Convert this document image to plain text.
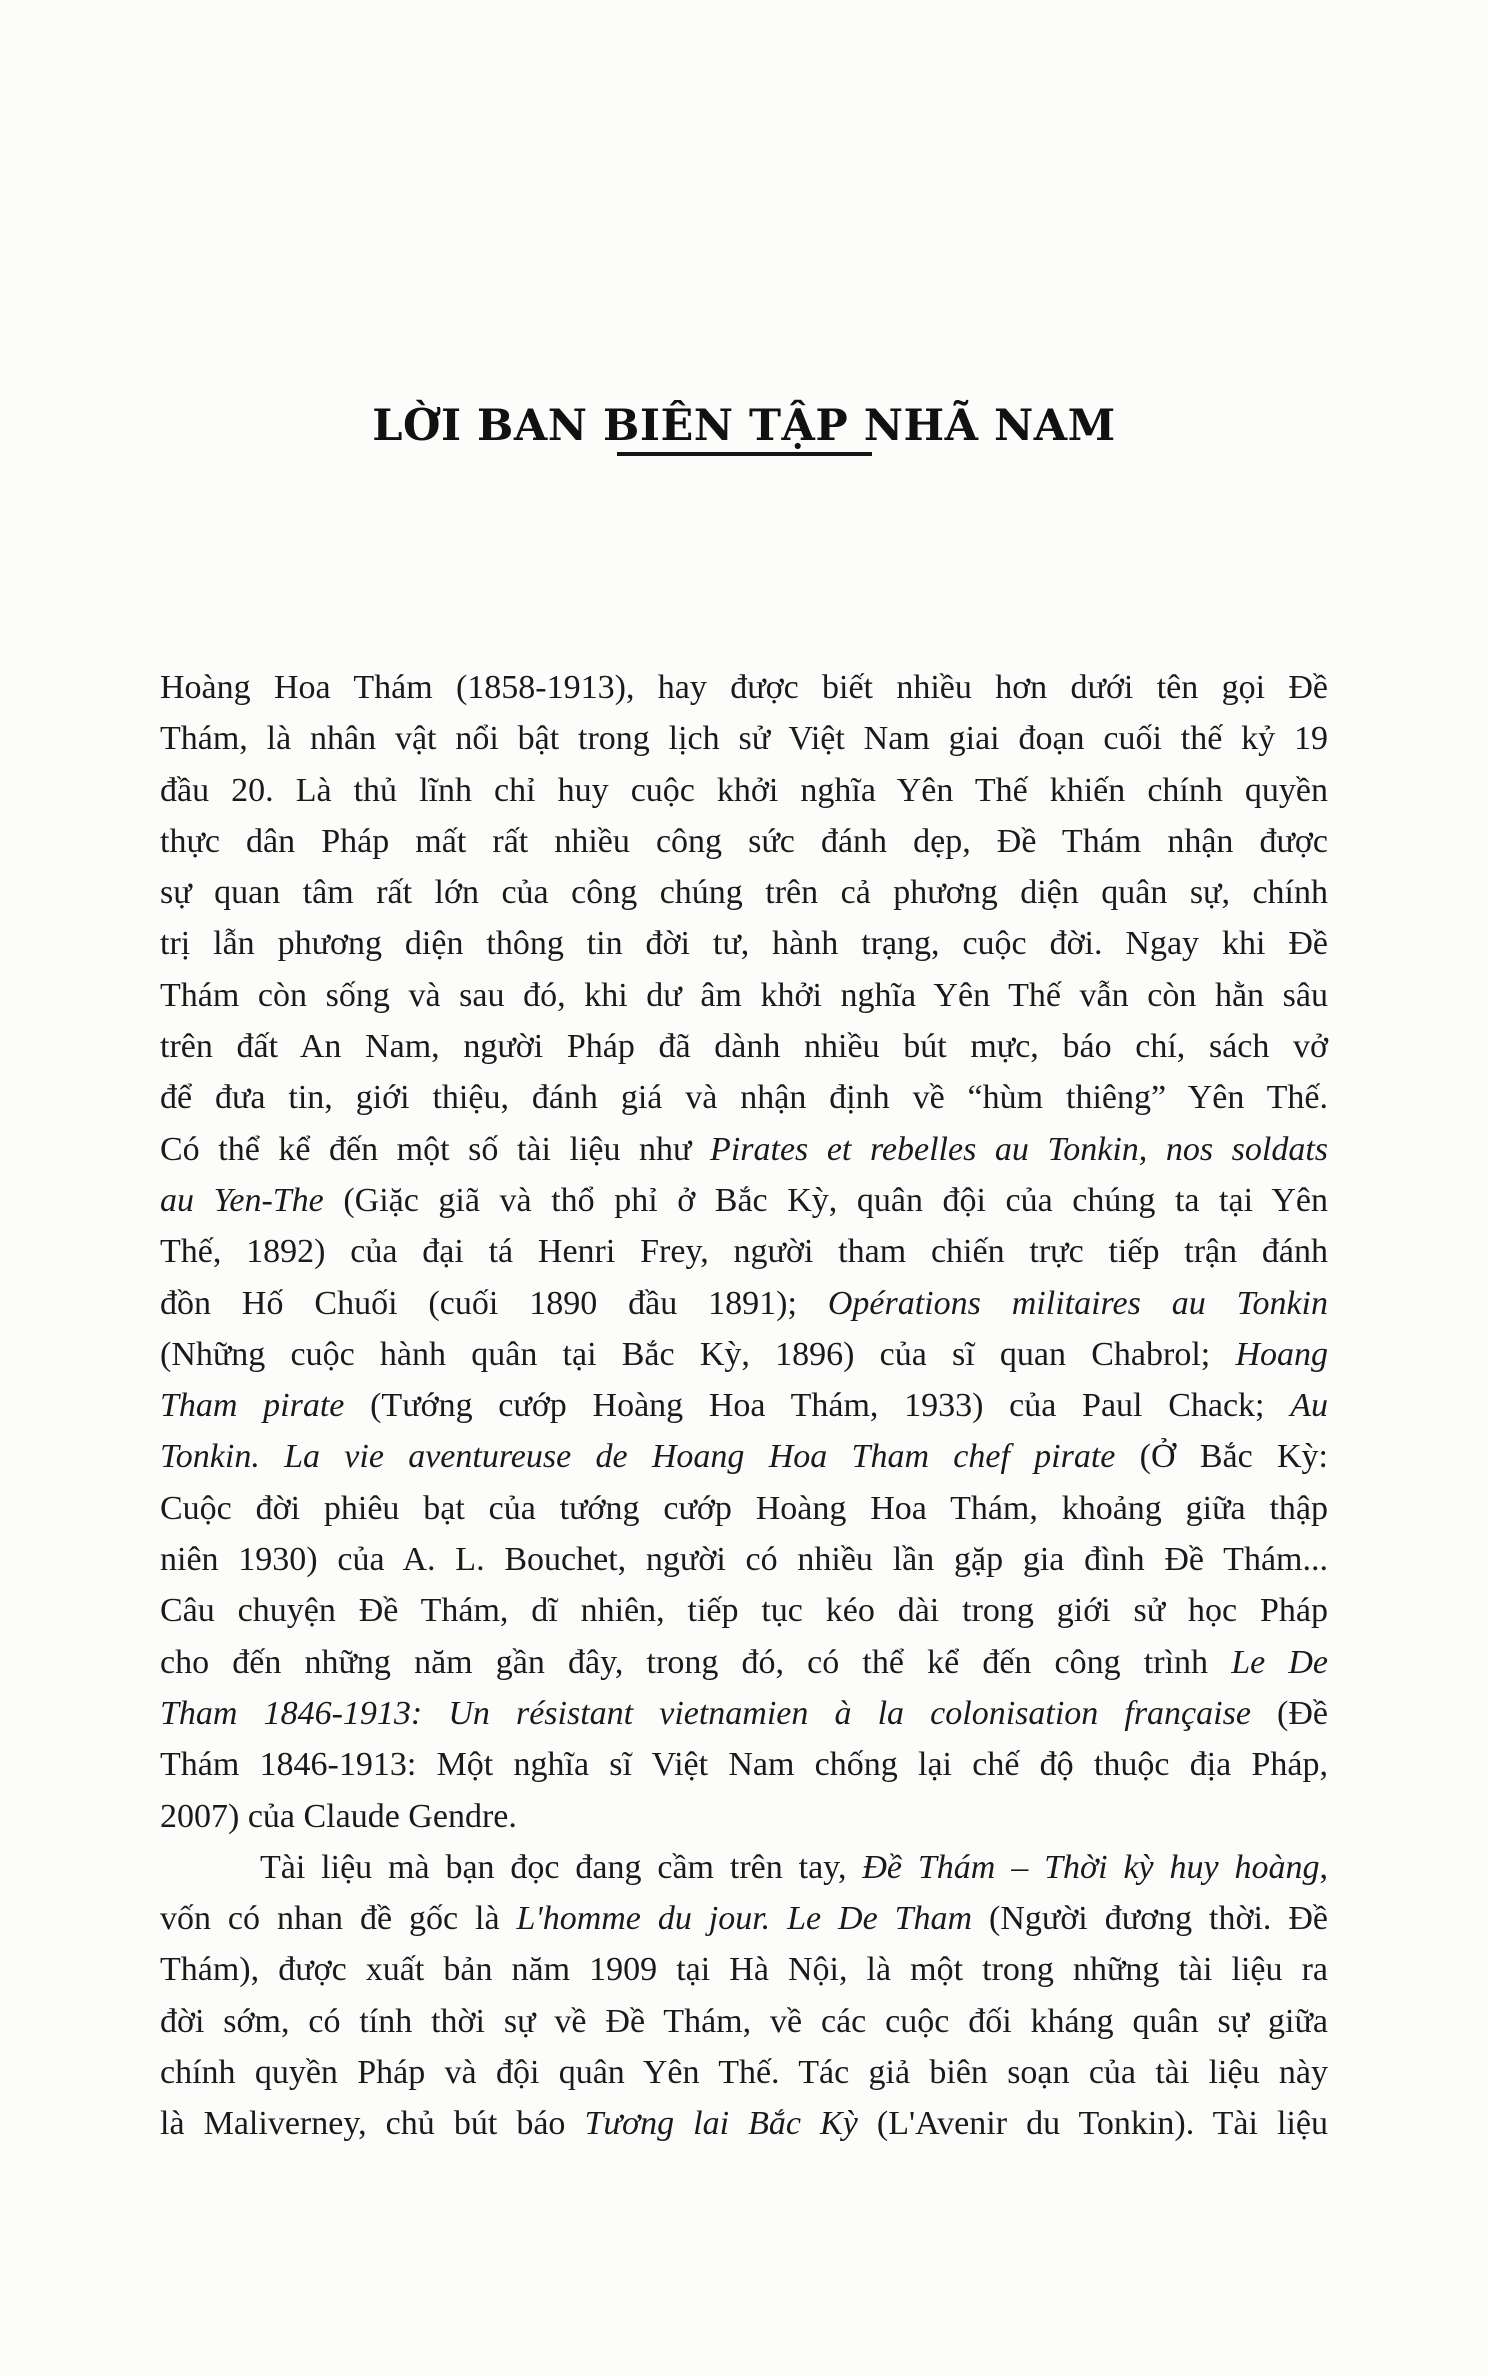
LỜI BAN BIÊN TẬP NHÃ NAM
Hoàng Hoa Thám (1858-1913), hay được biết nhiều hơn dưới tên gọi Đề
Thám, là nhân vật nổi bật trong lịch sử Việt Nam giai đoạn cuối thế kỷ 19
đầu 20. Là thủ lĩnh chỉ huy cuộc khởi nghĩa Yên Thế khiến chính quyền
thực dân Pháp mất rất nhiều công sức đánh dẹp, Đề Thám nhận được
sự quan tâm rất lớn của công chúng trên cả phương diện quân sự, chính
trị lẫn phương diện thông tin đời tư, hành trạng, cuộc đời. Ngay khi Đề
Thám còn sống và sau đó, khi dư âm khởi nghĩa Yên Thế vẫn còn hằn sâu
trên đất An Nam, người Pháp đã dành nhiều bút mực, báo chí, sách vở
để đưa tin, giới thiệu, đánh giá và nhận định về “hùm thiêng” Yên Thế.
Có thể kể đến một số tài liệu như Pirates et rebelles au Tonkin, nos soldats
au Yen-The (Giặc giã và thổ phỉ ở Bắc Kỳ, quân đội của chúng ta tại Yên
Thế, 1892) của đại tá Henri Frey, người tham chiến trực tiếp trận đánh
đồn Hố Chuối (cuối 1890 đầu 1891); Opérations militaires au Tonkin
(Những cuộc hành quân tại Bắc Kỳ, 1896) của sĩ quan Chabrol; Hoang
Tham pirate (Tướng cướp Hoàng Hoa Thám, 1933) của Paul Chack; Au
Tonkin. La vie aventureuse de Hoang Hoa Tham chef pirate (Ở Bắc Kỳ:
Cuộc đời phiêu bạt của tướng cướp Hoàng Hoa Thám, khoảng giữa thập
niên 1930) của A. L. Bouchet, người có nhiều lần gặp gia đình Đề Thám...
Câu chuyện Đề Thám, dĩ nhiên, tiếp tục kéo dài trong giới sử học Pháp
cho đến những năm gần đây, trong đó, có thể kể đến công trình Le De
Tham 1846-1913: Un résistant vietnamien à la colonisation française (Đề
Thám 1846-1913: Một nghĩa sĩ Việt Nam chống lại chế độ thuộc địa Pháp,
2007) của Claude Gendre.
Tài liệu mà bạn đọc đang cầm trên tay, Đề Thám – Thời kỳ huy hoàng,
vốn có nhan đề gốc là L'homme du jour. Le De Tham (Người đương thời. Đề
Thám), được xuất bản năm 1909 tại Hà Nội, là một trong những tài liệu ra
đời sớm, có tính thời sự về Đề Thám, về các cuộc đối kháng quân sự giữa
chính quyền Pháp và đội quân Yên Thế. Tác giả biên soạn của tài liệu này
là Maliverney, chủ bút báo Tương lai Bắc Kỳ (L'Avenir du Tonkin). Tài liệu
